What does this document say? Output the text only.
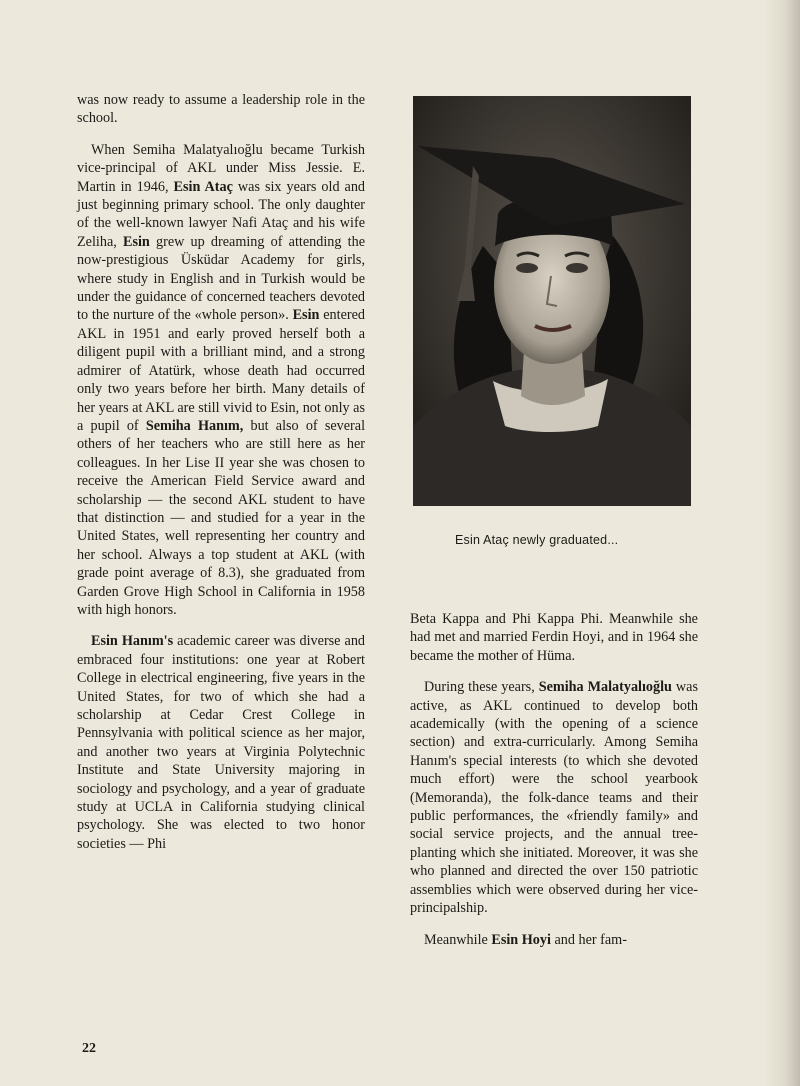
was now ready to assume a leadership role in the school.

When Semiha Malatyalıoğlu became Turkish vice-principal of AKL under Miss Jessie. E. Martin in 1946, Esin Ataç was six years old and just beginning primary school. The only daughter of the well-known lawyer Nafi Ataç and his wife Zeliha, Esin grew up dreaming of attending the now-prestigious Üsküdar Academy for girls, where study in English and in Turkish would be under the guidance of concerned teachers devoted to the nurture of the «whole person». Esin entered AKL in 1951 and early proved herself both a diligent pupil with a brilliant mind, and a strong admirer of Atatürk, whose death had occurred only two years before her birth. Many details of her years at AKL are still vivid to Esin, not only as a pupil of Semiha Hanım, but also of several others of her teachers who are still here as her colleagues. In her Lise II year she was chosen to receive the American Field Service award and scholarship — the second AKL student to have that distinction — and studied for a year in the United States, well representing her country and her school. Always a top student at AKL (with grade point average of 8.3), she graduated from Garden Grove High School in California in 1958 with high honors.

Esin Hanım's academic career was diverse and embraced four institutions: one year at Robert College in electrical engineering, five years in the United States, for two of which she had a scholarship at Cedar Crest College in Pennsylvania with political science as her major, and another two years at Virginia Polytechnic Institute and State University majoring in sociology and psychology, and a year of graduate study at UCLA in California studying clinical psychology. She was elected to two honor societies — Phi

Esin Ataç newly graduated...

Beta Kappa and Phi Kappa Phi. Meanwhile she had met and married Ferdin Hoyi, and in 1964 she became the mother of Hüma.

During these years, Semiha Malatyalıoğlu was active, as AKL continued to develop both academically (with the opening of a science section) and extra-curricularly. Among Semiha Hanım's special interests (to which she devoted much effort) were the school yearbook (Memoranda), the folk-dance teams and their public performances, the «friendly family» and social service projects, and the annual tree-planting which she initiated. Moreover, it was she who planned and directed the over 150 patriotic assemblies which were observed during her vice-principalship.

Meanwhile Esin Hoyi and her fam-

22
